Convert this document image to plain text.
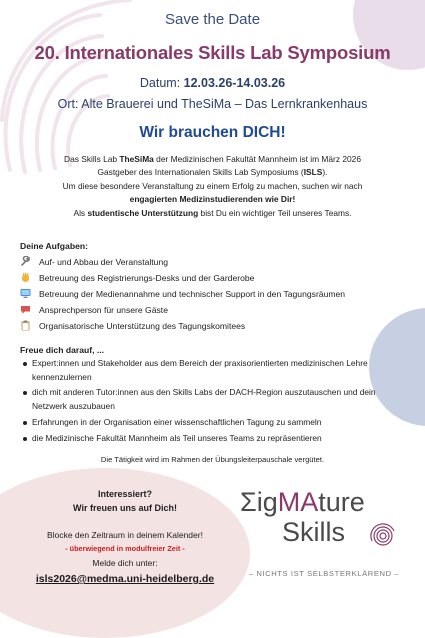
Save the Date
20. Internationales Skills Lab Symposium
Datum: 12.03.26-14.03.26
Ort: Alte Brauerei und TheSiMa – Das Lernkrankenhaus
Wir brauchen DICH!

Das Skills Lab TheSiMa der Medizinischen Fakultät Mannheim ist im März 2026

Gastgeber des Internationalen Skills Lab Symposiums (ISLS).

Um diese besondere Veranstaltung zu einem Erfolg zu machen, suchen wir nach

engagierten Medizinstudierenden wie Dir!

Als studentische Unterstützung bist Du ein wichtiger Teil unseres Teams.

Deine Aufgaben:
Auf- und Abbau der Veranstaltung
Betreuung des Registrierungs-Desks und der Garderobe
Betreuung der Medienannahme und technischer Support in den Tagungsräumen
Ansprechperson für unsere Gäste
Organisatorische Unterstützung des Tagungskomitees
Freue dich darauf, ...
Expert:innen und Stakeholder aus dem Bereich der praxisorientierten medizinischen Lehre kennenzulernen
dich mit anderen Tutor:innen aus den Skills Labs der DACH-Region auszutauschen und dein Netzwerk auszubauen
Erfahrungen in der Organisation einer wissenschaftlichen Tagung zu sammeln
die Medizinische Fakultät Mannheim als Teil unseres Teams zu repräsentieren
Die Tätigkeit wird im Rahmen der Übungsleiterpauschale vergütet.
Interessiert?
Wir freuen uns auf Dich!
Blocke den Zeitraum in deinem Kalender!
- überwiegend in modulfreier Zeit -
Melde dich unter:
isls2026@medma.uni-heidelberg.de
ΣigMAture
Skills
– NICHTS IST SELBSTERKLÄREND –
